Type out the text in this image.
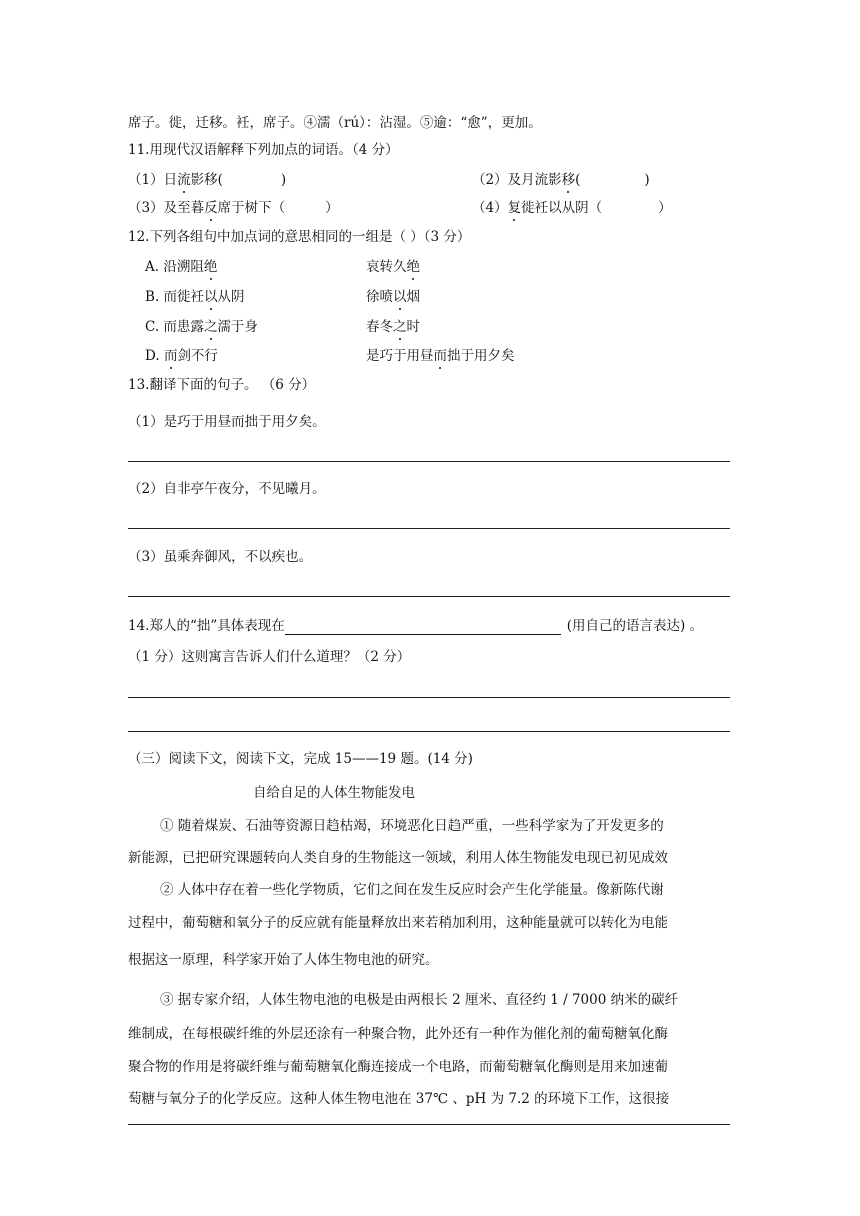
席子。徙，迁移。衽，席子。④濡（rú）：沾湿。⑤逾：“愈”，更加。
11.用现代汉语解释下列加点的词语。（4 分）
（1）日流影移(	)	（2）及月流影移(	)
（3）及至暮反席于树下（	）	（4）复徙衽以从阴（	）
12.下列各组句中加点词的意思相同的一组是（ ）（3 分）
A. 沿溯阻绝	哀转久绝
B. 而徙衽以从阴	徐喷以烟
C. 而患露之濡于身	春冬之时
D. 而剑不行	是巧于用昼而拙于用夕矣
13.翻译下面的句子。 （6 分）
（1）是巧于用昼而拙于用夕矣。
（2）自非亭午夜分，不见曦月。
（3）虽乘奔御风，不以疾也。
14.郑人的“拙”具体表现在	(用自己的语言表达) 。
（1 分）这则寓言告诉人们什么道理？（2 分）
（三）阅读下文，阅读下文，完成 15——19 题。(14 分)
自给自足的人体生物能发电
① 随着煤炭、石油等资源日趋枯竭，环境恶化日趋严重，一些科学家为了开发更多的
新能源，已把研究课题转向人类自身的生物能这一领域，利用人体生物能发电现已初见成效
② 人体中存在着一些化学物质，它们之间在发生反应时会产生化学能量。像新陈代谢
过程中，葡萄糖和氧分子的反应就有能量释放出来若稍加利用，这种能量就可以转化为电能
根据这一原理，科学家开始了人体生物电池的研究。
③ 据专家介绍，人体生物电池的电极是由两根长 2 厘米、直径约 1 / 7000 纳米的碳纤
维制成，在每根碳纤维的外层还涂有一种聚合物，此外还有一种作为催化剂的葡萄糖氧化酶
聚合物的作用是将碳纤维与葡萄糖氧化酶连接成一个电路，而葡萄糖氧化酶则是用来加速葡
萄糖与氧分子的化学反应。这种人体生物电池在 37℃ 、pH 为 7.2 的环境下工作，这很接
